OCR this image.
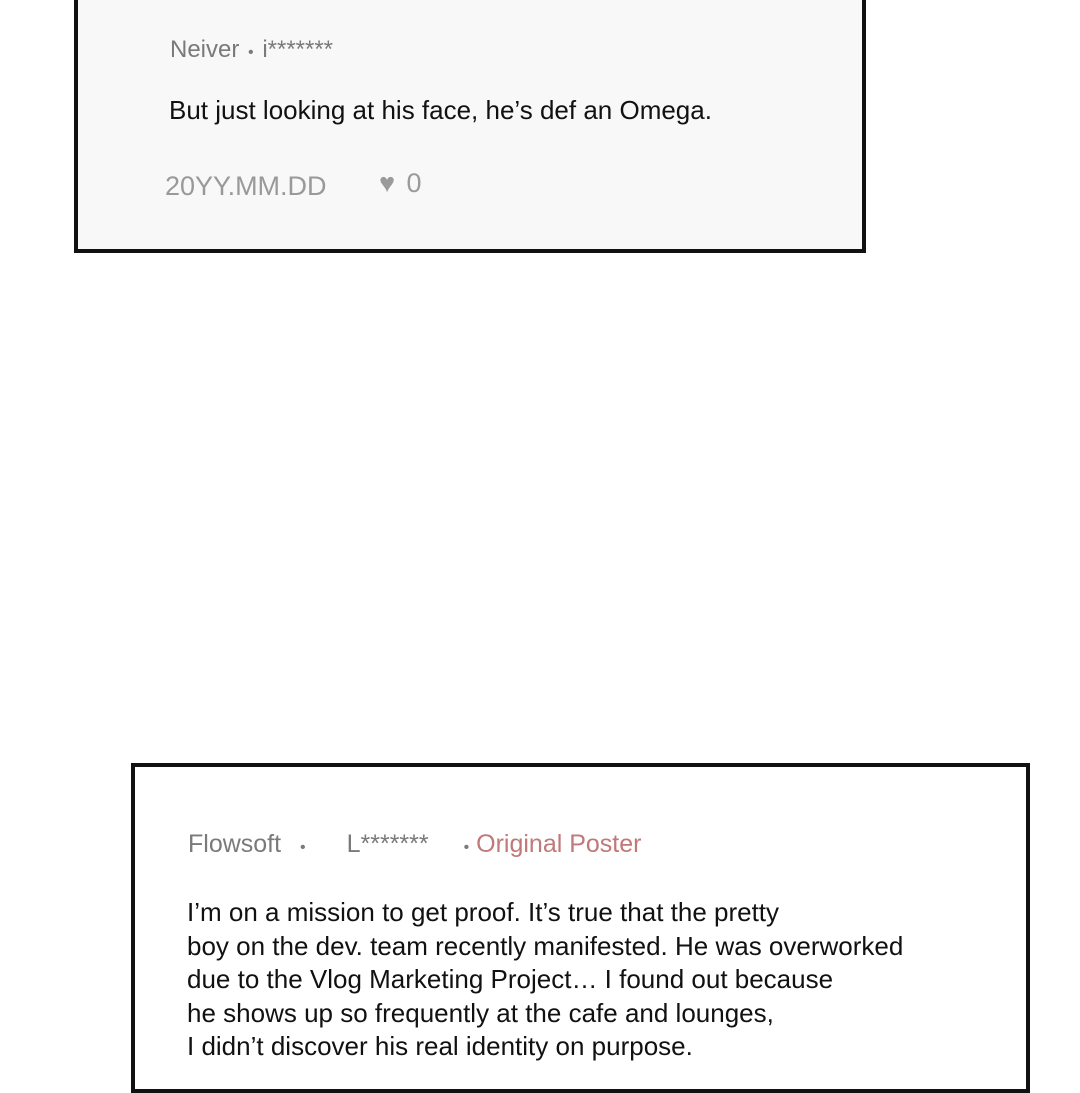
Neiver • i*******
But just looking at his face, he’s def an Omega.
20YY.MM.DD ♥ 0
Flowsoft • L******* • Original Poster
I’m on a mission to get proof. It’s true that the pretty
boy on the dev. team recently manifested. He was overworked
due to the Vlog Marketing Project… I found out because
he shows up so frequently at the cafe and lounges,
I didn’t discover his real identity on purpose.
